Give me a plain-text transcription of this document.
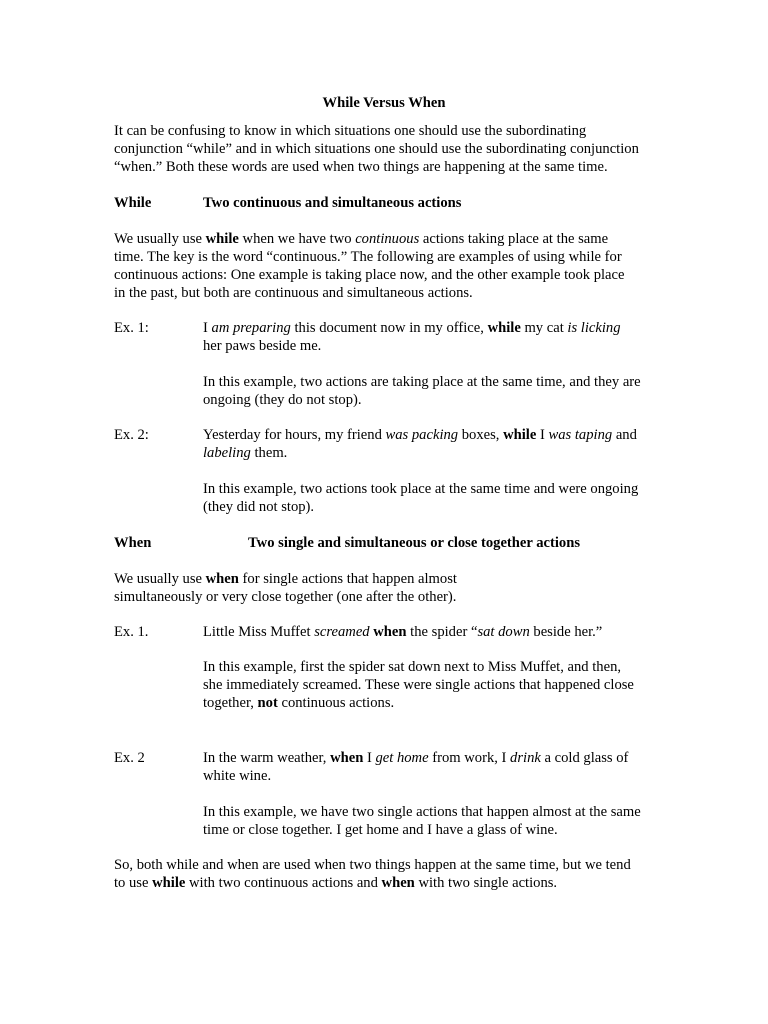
While Versus When
It can be confusing to know in which situations one should use the subordinating
conjunction “while” and in which situations one should use the subordinating conjunction
“when.” Both these words are used when two things are happening at the same time.
While	Two continuous and simultaneous actions
We usually use while when we have two continuous actions taking place at the same
time. The key is the word “continuous.” The following are examples of using while for
continuous actions: One example is taking place now, and the other example took place
in the past, but both are continuous and simultaneous actions.
Ex. 1:	I am preparing this document now in my office, while my cat is licking
her paws beside me.
In this example, two actions are taking place at the same time, and they are
ongoing (they do not stop).
Ex. 2:	Yesterday for hours, my friend was packing boxes, while I was taping and
labeling them.
In this example, two actions took place at the same time and were ongoing
(they did not stop).
When	Two single and simultaneous or close together actions
We usually use when for single actions that happen almost
simultaneously or very close together (one after the other).
Ex. 1.	Little Miss Muffet screamed when the spider “sat down beside her.”
In this example, first the spider sat down next to Miss Muffet, and then,
she immediately screamed. These were single actions that happened close
together, not continuous actions.
Ex. 2	In the warm weather, when I get home from work, I drink a cold glass of
white wine.
In this example, we have two single actions that happen almost at the same
time or close together. I get home and I have a glass of wine.
So, both while and when are used when two things happen at the same time, but we tend
to use while with two continuous actions and when with two single actions.
